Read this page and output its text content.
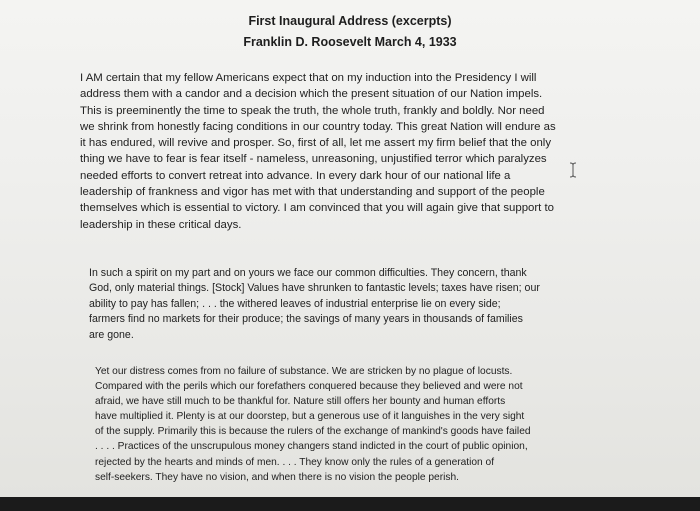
First Inaugural Address (excerpts)
Franklin D. Roosevelt March 4, 1933
I AM certain that my fellow Americans expect that on my induction into the Presidency I will
address them with a candor and a decision which the present situation of our Nation impels.
This is preeminently the time to speak the truth, the whole truth, frankly and boldly. Nor need
we shrink from honestly facing conditions in our country today. This great Nation will endure as
it has endured, will revive and prosper. So, first of all, let me assert my firm belief that the only
thing we have to fear is fear itself - nameless, unreasoning, unjustified terror which paralyzes
needed efforts to convert retreat into advance. In every dark hour of our national life a
leadership of frankness and vigor has met with that understanding and support of the people
themselves which is essential to victory. I am convinced that you will again give that support to
leadership in these critical days.
In such a spirit on my part and on yours we face our common difficulties. They concern, thank
God, only material things. [Stock] Values have shrunken to fantastic levels; taxes have risen; our
ability to pay has fallen; . . . the withered leaves of industrial enterprise lie on every side;
farmers find no markets for their produce; the savings of many years in thousands of families
are gone.
Yet our distress comes from no failure of substance. We are stricken by no plague of locusts.
Compared with the perils which our forefathers conquered because they believed and were not
afraid, we have still much to be thankful for. Nature still offers her bounty and human efforts
have multiplied it. Plenty is at our doorstep, but a generous use of it languishes in the very sight
of the supply. Primarily this is because the rulers of the exchange of mankind's goods have failed
. . . . Practices of the unscrupulous money changers stand indicted in the court of public opinion,
rejected by the hearts and minds of men. . . . They know only the rules of a generation of
self-seekers. They have no vision, and when there is no vision the people perish.
